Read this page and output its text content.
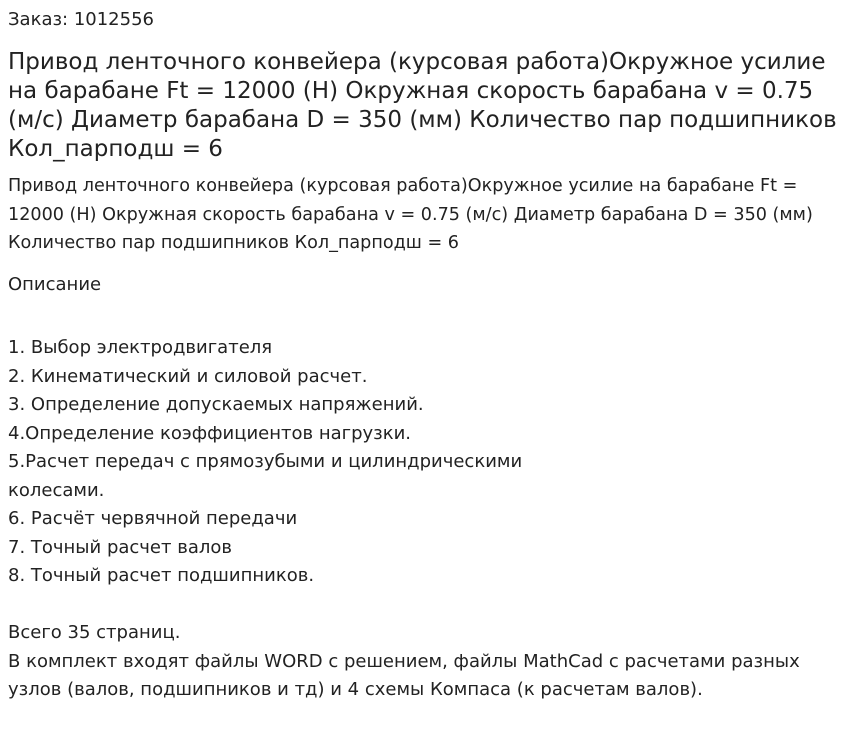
Заказ: 1012556
Привод ленточного конвейера (курсовая работа)Окружное усилие на барабане Ft = 12000 (Н) Окружная скорость барабана v = 0.75 (м/с) Диаметр барабана D = 350 (мм) Количество пар подшипников Кол_парподш = 6
Привод ленточного конвейера (курсовая работа)Окружное усилие на барабане Ft = 12000 (Н) Окружная скорость барабана v = 0.75 (м/с) Диаметр барабана D = 350 (мм) Количество пар подшипников Кол_парподш = 6
Описание
1. Выбор электродвигателя
2. Кинематический и силовой расчет.
3. Определение допускаемых напряжений.
4.Определение коэффициентов нагрузки.
5.Расчет передач с прямозубыми и цилиндрическими колесами.
6. Расчёт червячной передачи
7. Точный расчет валов
8. Точный расчет подшипников.
Всего 35 страниц.
В комплект входят файлы WORD с решением, файлы MathCad с расчетами разных узлов (валов, подшипников и тд) и 4 схемы Компаса (к расчетам валов).
